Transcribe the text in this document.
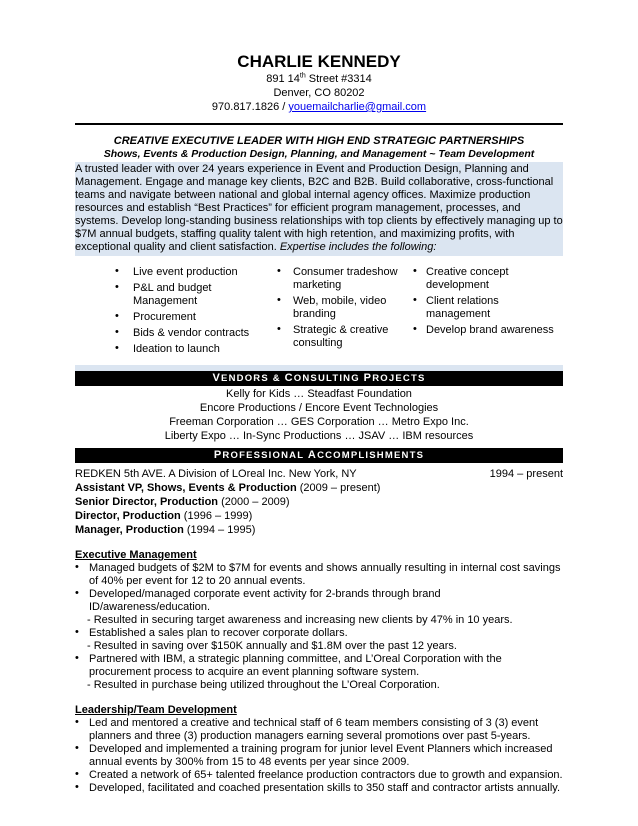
CHARLIE KENNEDY
891 14th Street #3314
Denver, CO 80202
970.817.1826 / youemailcharlie@gmail.com
CREATIVE EXECUTIVE LEADER WITH HIGH END STRATEGIC PARTNERSHIPS
Shows, Events & Production Design, Planning, and Management ~ Team Development
A trusted leader with over 24 years experience in Event and Production Design, Planning and Management. Engage and manage key clients, B2C and B2B. Build collaborative, cross-functional teams and navigate between national and global internal agency offices. Maximize production resources and establish “Best Practices” for efficient program management, processes, and systems. Develop long-standing business relationships with top clients by effectively managing up to $7M annual budgets, staffing quality talent with high retention, and maximizing profits, with exceptional quality and client satisfaction. Expertise includes the following:
• Live event production
• P&L and budget Management
• Procurement
• Bids & vendor contracts
• Ideation to launch
• Consumer tradeshow marketing
• Web, mobile, video branding
• Strategic & creative consulting
• Creative concept development
• Client relations management
• Develop brand awareness
VENDORS & CONSULTING PROJECTS
Kelly for Kids … Steadfast Foundation
Encore Productions / Encore Event Technologies
Freeman Corporation … GES Corporation … Metro Expo Inc.
Liberty Expo … In-Sync Productions … JSAV … IBM resources
PROFESSIONAL ACCOMPLISHMENTS
REDKEN 5th AVE. A Division of LOreal Inc. New York, NY	1994 – present
Assistant VP, Shows, Events & Production (2009 – present)
Senior Director, Production (2000 – 2009)
Director, Production (1996 – 1999)
Manager, Production (1994 – 1995)
Executive Management
• Managed budgets of $2M to $7M for events and shows annually resulting in internal cost savings of 40% per event for 12 to 20 annual events.
• Developed/managed corporate event activity for 2-brands through brand ID/awareness/education.
- Resulted in securing target awareness and increasing new clients by 47% in 10 years.
• Established a sales plan to recover corporate dollars.
- Resulted in saving over $150K annually and $1.8M over the past 12 years.
• Partnered with IBM, a strategic planning committee, and L’Oreal Corporation with the procurement process to acquire an event planning software system.
- Resulted in purchase being utilized throughout the L’Oreal Corporation.
Leadership/Team Development
• Led and mentored a creative and technical staff of 6 team members consisting of 3 (3) event planners and three (3) production managers earning several promotions over past 5-years.
• Developed and implemented a training program for junior level Event Planners which increased annual events by 300% from 15 to 48 events per year since 2009.
• Created a network of 65+ talented freelance production contractors due to growth and expansion.
• Developed, facilitated and coached presentation skills to 350 staff and contractor artists annually.
